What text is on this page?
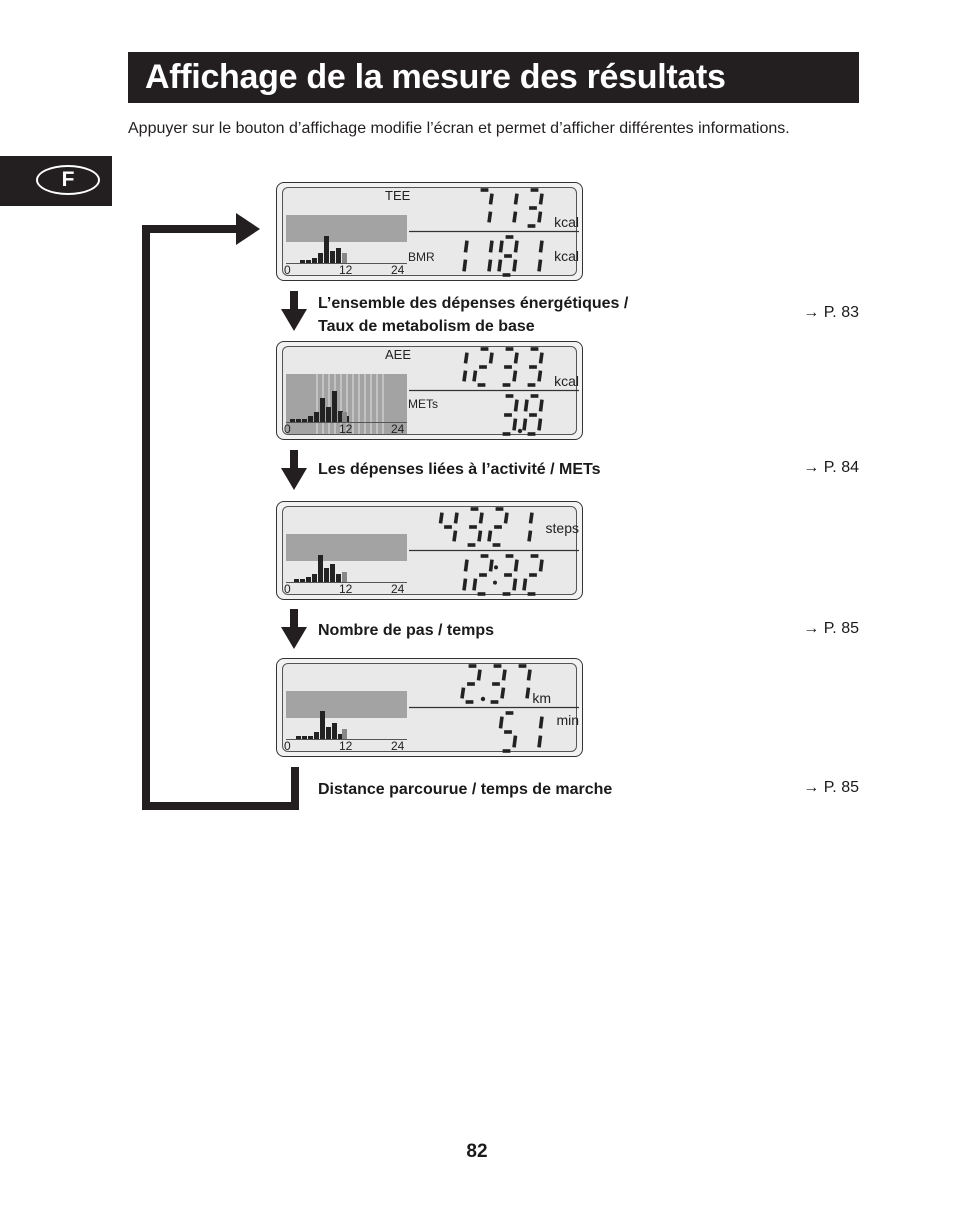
Affichage de la mesure des résultats
Appuyer sur le bouton d’affichage modifie l’écran et permet d’afficher différentes informations.
F
0	12	24
TEE
BMR
kcal
kcal
L’ensemble des dépenses énergétiques /
Taux de metabolism de base
→ P. 83
0	12	24
AEE
METs
kcal
Les dépenses liées à l’activité / METs	→ P. 84
0	12	24
steps
Nombre de pas / temps	→ P. 85
0	12	24
km
min
Distance parcourue / temps de marche	→ P. 85
82
